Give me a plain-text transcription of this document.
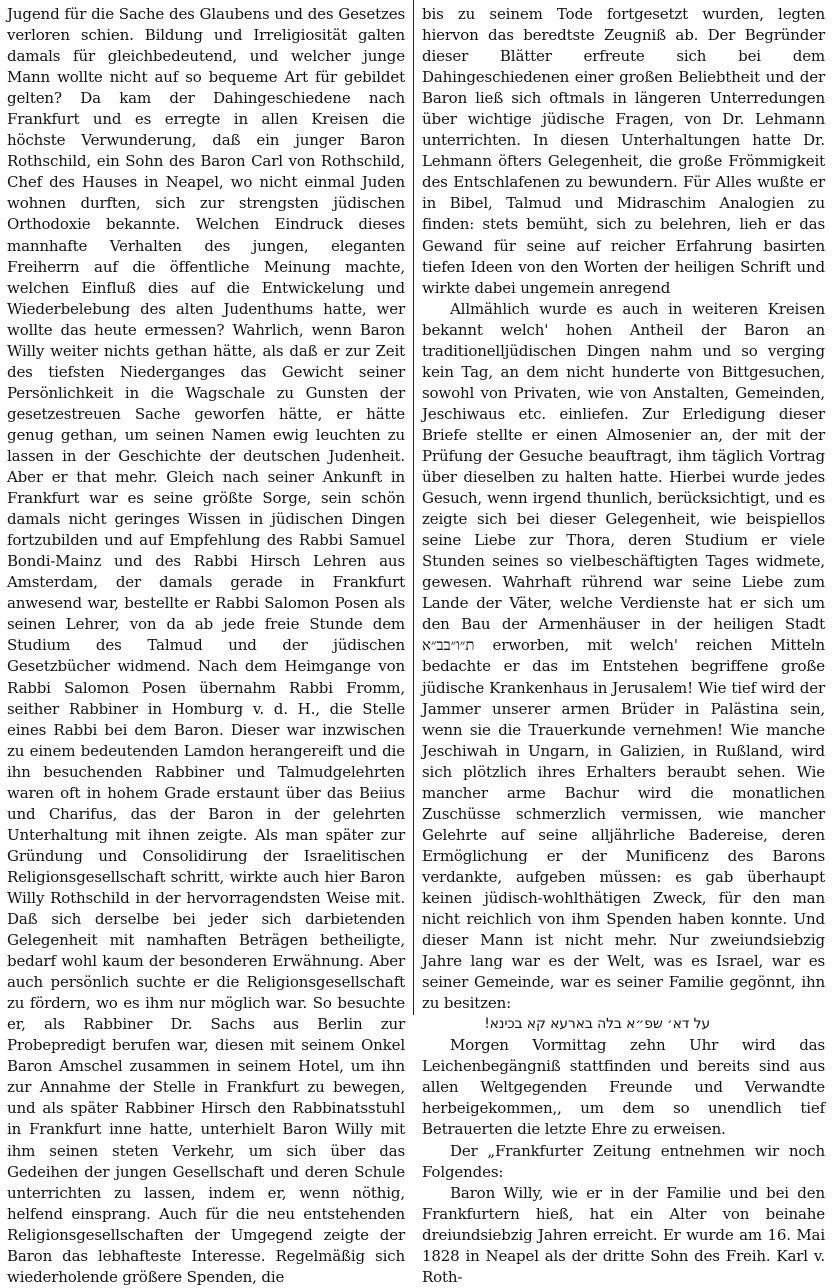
Jugend für die Sache des Glaubens und des Gesetzes verloren schien. Bildung und Irreligiosität galten damals für gleichbedeutend, und welcher junge Mann wollte nicht auf so bequeme Art für gebildet gelten? Da kam der Dahingeschiedene nach Frankfurt und es erregte in allen Kreisen die höchste Verwunderung, daß ein junger Baron Rothschild, ein Sohn des Baron Carl von Rothschild, Chef des Hauses in Neapel, wo nicht einmal Juden wohnen durften, sich zur strengsten jüdischen Orthodoxie bekannte. Welchen Eindruck dieses mannhafte Verhalten des jungen, eleganten Freiherrn auf die öffentliche Meinung machte, welchen Einfluß dies auf die Entwickelung und Wiederbelebung des alten Judenthums hatte, wer wollte das heute ermessen? Wahrlich, wenn Baron Willy weiter nichts gethan hätte, als daß er zur Zeit des tiefsten Niederganges das Gewicht seiner Persönlichkeit in die Wagschale zu Gunsten der gesetzestreuen Sache geworfen hätte, er hätte genug gethan, um seinen Namen ewig leuchten zu lassen in der Geschichte der deutschen Judenheit. Aber er that mehr. Gleich nach seiner Ankunft in Frankfurt war es seine größte Sorge, sein schön damals nicht geringes Wissen in jüdischen Dingen fortzubilden und auf Empfehlung des Rabbi Samuel Bondi-Mainz und des Rabbi Hirsch Lehren aus Amsterdam, der damals gerade in Frankfurt anwesend war, bestellte er Rabbi Salomon Posen als seinen Lehrer, von da ab jede freie Stunde dem Studium des Talmud und der jüdischen Gesetzbücher widmend. Nach dem Heimgange von Rabbi Salomon Posen übernahm Rabbi Fromm, seither Rabbiner in Homburg v. d. H., die Stelle eines Rabbi bei dem Baron. Dieser war inzwischen zu einem bedeutenden Lamdon herangereift und die ihn besuchenden Rabbiner und Talmudgelehrten waren oft in hohem Grade erstaunt über das Beiius und Charifus, das der Baron in der gelehrten Unterhaltung mit ihnen zeigte. Als man später zur Gründung und Consolidirung der Israelitischen Religionsgesellschaft schritt, wirkte auch hier Baron Willy Rothschild in der hervorragendsten Weise mit. Daß sich derselbe bei jeder sich darbietenden Gelegenheit mit namhaften Beträgen betheiligte, bedarf wohl kaum der besonderen Erwähnung. Aber auch persönlich suchte er die Religionsgesellschaft zu fördern, wo es ihm nur möglich war. So besuchte er, als Rabbiner Dr. Sachs aus Berlin zur Probepredigt berufen war, diesen mit seinem Onkel Baron Amschel zusammen in seinem Hotel, um ihn zur Annahme der Stelle in Frankfurt zu bewegen, und als später Rabbiner Hirsch den Rabbinatsstuhl in Frankfurt inne hatte, unterhielt Baron Willy mit ihm seinen steten Verkehr, um sich über das Gedeihen der jungen Gesellschaft und deren Schule unterrichten zu lassen, indem er, wenn nöthig, helfend einsprang. Auch für die neu entstehenden Religionsgesellschaften der Umgegend zeigte der Baron das lebhafteste Interesse. Regelmäßig sich wiederholende größere Spenden, die

bis zu seinem Tode fortgesetzt wurden, legten hiervon das beredtste Zeugniß ab. Der Begründer dieser Blätter erfreute sich bei dem Dahingeschiedenen einer großen Beliebtheit und der Baron ließ sich oftmals in längeren Unterredungen über wichtige jüdische Fragen, von Dr. Lehmann unterrichten. In diesen Unterhaltungen hatte Dr. Lehmann öfters Gelegenheit, die große Frömmigkeit des Entschlafenen zu bewundern. Für Alles wußte er in Bibel, Talmud und Midraschim Analogien zu finden: stets bemüht, sich zu belehren, lieh er das Gewand für seine auf reicher Erfahrung basirten tiefen Ideen von den Worten der heiligen Schrift und wirkte dabei ungemein anregend

Allmählich wurde es auch in weiteren Kreisen bekannt welch' hohen Antheil der Baron an traditionelljüdischen Dingen nahm und so verging kein Tag, an dem nicht hunderte von Bittgesuchen, sowohl von Privaten, wie von Anstalten, Gemeinden, Jeschiwaus etc. einliefen. Zur Erledigung dieser Briefe stellte er einen Almosenier an, der mit der Prüfung der Gesuche beauftragt, ihm täglich Vortrag über dieselben zu halten hatte. Hierbei wurde jedes Gesuch, wenn irgend thunlich, berücksichtigt, und es zeigte sich bei dieser Gelegenheit, wie beispiellos seine Liebe zur Thora, deren Studium er viele Stunden seines so vielbeschäftigten Tages widmete, gewesen. Wahrhaft rührend war seine Liebe zum Lande der Väter, welche Verdienste hat er sich um den Bau der Armenhäuser in der heiligen Stadt ת״ו״בב״א erworben, mit welch' reichen Mitteln bedachte er das im Entstehen begriffene große jüdische Krankenhaus in Jerusalem! Wie tief wird der Jammer unserer armen Brüder in Palästina sein, wenn sie die Trauerkunde vernehmen! Wie manche Jeschiwah in Ungarn, in Galizien, in Rußland, wird sich plötzlich ihres Erhalters beraubt sehen. Wie mancher arme Bachur wird die monatlichen Zuschüsse schmerzlich vermissen, wie mancher Gelehrte auf seine alljährliche Badereise, deren Ermöglichung er der Munificenz des Barons verdankte, aufgeben müssen: es gab überhaupt keinen jüdisch-wohlthätigen Zweck, für den man nicht reichlich von ihm Spenden haben konnte. Und dieser Mann ist nicht mehr. Nur zweiundsiebzig Jahre lang war es der Welt, was es Israel, war es seiner Gemeinde, war es seiner Familie gegönnt, ihn zu besitzen:

על דא׳ שפ״א בלה בארעא קא בכינא!

Morgen Vormittag zehn Uhr wird das Leichenbegängniß stattfinden und bereits sind aus allen Weltgegenden Freunde und Verwandte herbeigekommen,, um dem so unendlich tief Betrauerten die letzte Ehre zu erweisen.

Der „Frankfurter Zeitung entnehmen wir noch Folgendes:

Baron Willy, wie er in der Familie und bei den Frankfurtern hieß, hat ein Alter von beinahe dreiundsiebzig Jahren erreicht. Er wurde am 16. Mai 1828 in Neapel als der dritte Sohn des Freih. Karl v. Roth-
